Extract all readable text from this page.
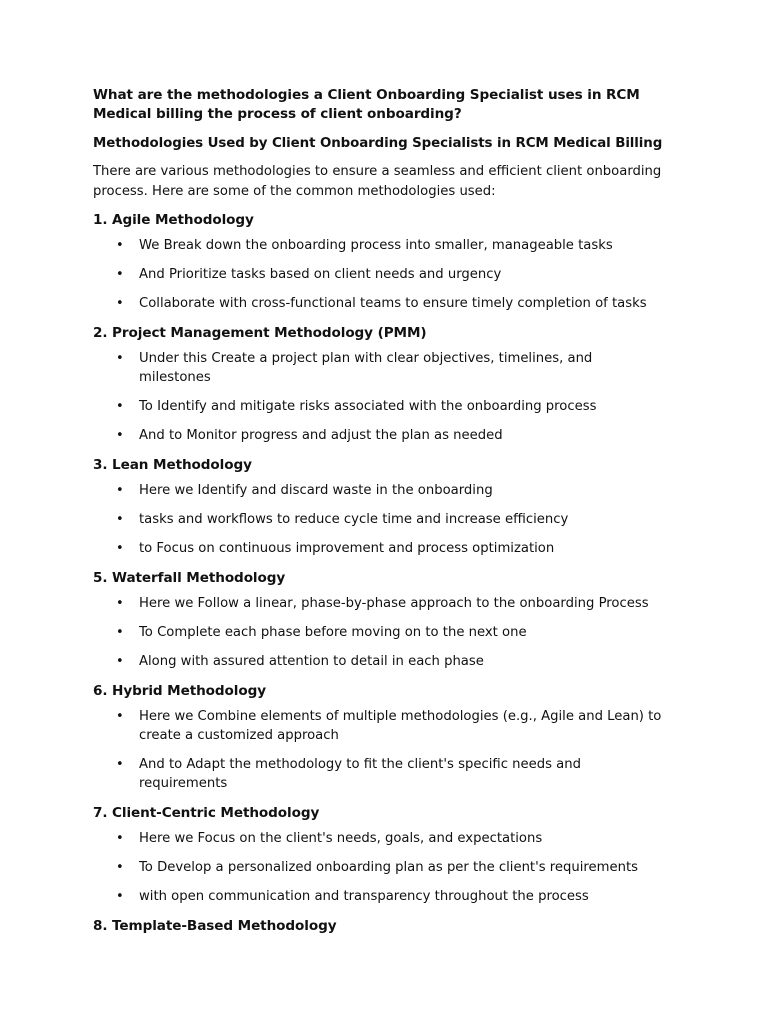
What are the methodologies a Client Onboarding Specialist uses in RCM Medical billing the process of client onboarding?
Methodologies Used by Client Onboarding Specialists in RCM Medical Billing
There are various methodologies to ensure a seamless and efficient client onboarding process. Here are some of the common methodologies used:
1. Agile Methodology
• We Break down the onboarding process into smaller, manageable tasks
• And Prioritize tasks based on client needs and urgency
• Collaborate with cross-functional teams to ensure timely completion of tasks
2. Project Management Methodology (PMM)
• Under this Create a project plan with clear objectives, timelines, and milestones
• To Identify and mitigate risks associated with the onboarding process
• And to Monitor progress and adjust the plan as needed
3. Lean Methodology
• Here we Identify and discard waste in the onboarding
• tasks and workflows to reduce cycle time and increase efficiency
• to Focus on continuous improvement and process optimization
5. Waterfall Methodology
• Here we Follow a linear, phase-by-phase approach to the onboarding Process
• To Complete each phase before moving on to the next one
• Along with assured attention to detail in each phase
6. Hybrid Methodology
• Here we Combine elements of multiple methodologies (e.g., Agile and Lean) to create a customized approach
• And to Adapt the methodology to fit the client's specific needs and requirements
7. Client-Centric Methodology
• Here we Focus on the client's needs, goals, and expectations
• To Develop a personalized onboarding plan as per the client's requirements
• with open communication and transparency throughout the process
8. Template-Based Methodology
